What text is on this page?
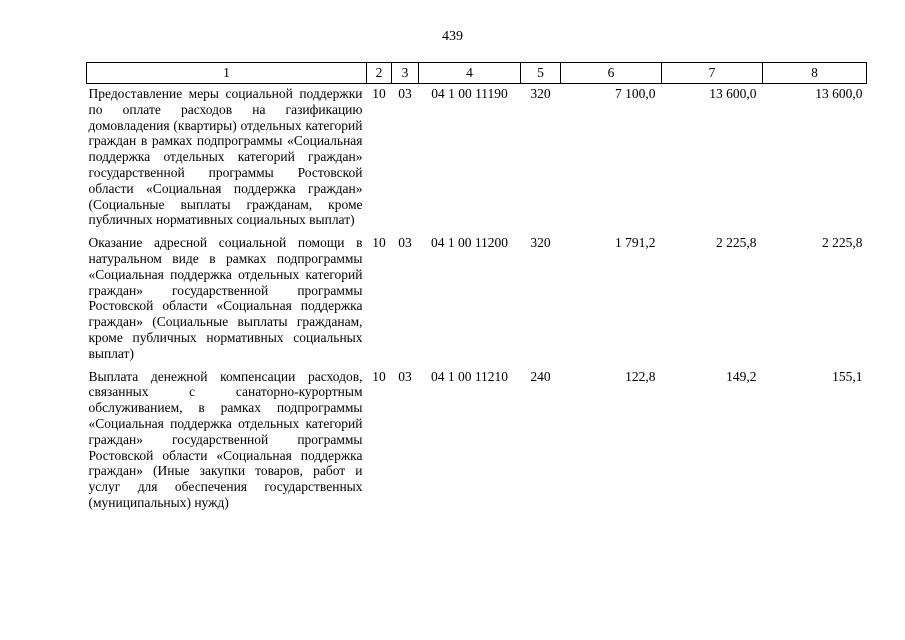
439
1	2	3	4	5	6	7	8
Предоставление меры социальной поддержки по оплате расходов на газификацию домовладения (квартиры) отдельных категорий граждан в рамках подпрограммы «Социальная поддержка отдельных категорий граждан» государственной программы Ростовской области «Социальная поддержка граждан» (Социальные выплаты гражданам, кроме публичных нормативных социальных выплат)	10	03	04 1 00 11190	320	7 100,0	13 600,0	13 600,0
Оказание адресной социальной помощи в натуральном виде в рамках подпрограммы «Социальная поддержка отдельных категорий граждан» государственной программы Ростовской области «Социальная поддержка граждан» (Социальные выплаты гражданам, кроме публичных нормативных социальных выплат)	10	03	04 1 00 11200	320	1 791,2	2 225,8	2 225,8
Выплата денежной компенсации расходов, связанных с санаторно-курортным обслуживанием, в рамках подпрограммы «Социальная поддержка отдельных категорий граждан» государственной программы Ростовской области «Социальная поддержка граждан» (Иные закупки товаров, работ и услуг для обеспечения государственных (муниципальных) нужд)	10	03	04 1 00 11210	240	122,8	149,2	155,1
